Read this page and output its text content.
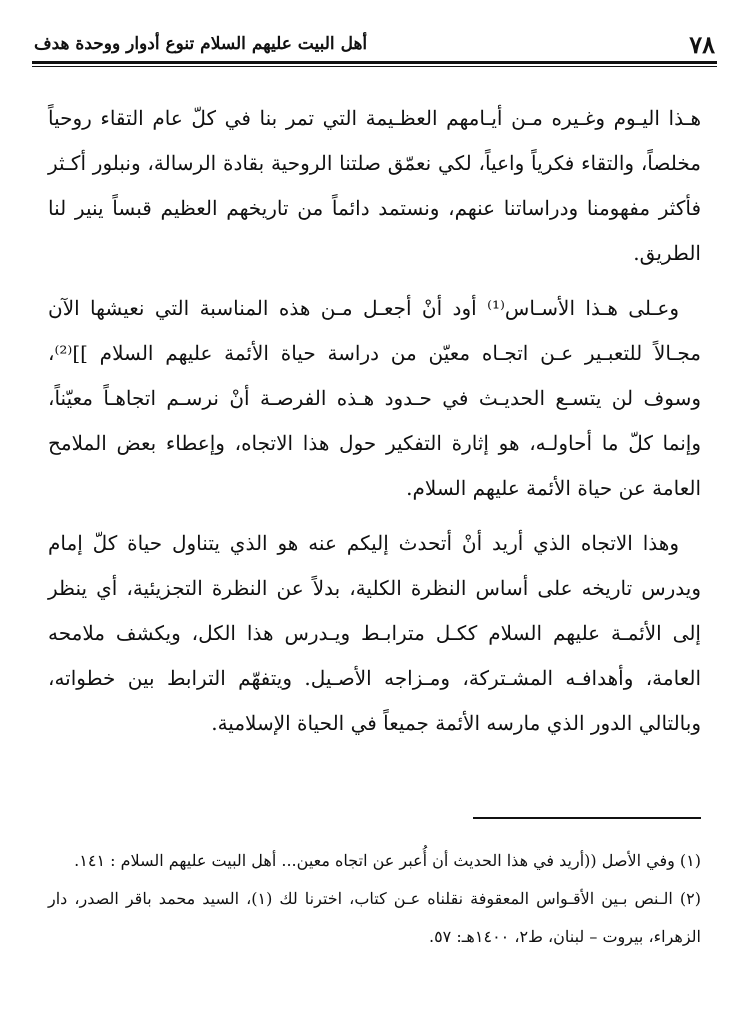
٧٨
أهل البيت عليهم السلام تنوع أدوار ووحدة هدف

هـذا اليـوم وغـيره مـن أيـامهم العظـيمة التي تمر بنا في كلّ عام التقاء روحياً مخلصاً، والتقاء فكرياً واعياً، لكي نعمّق صلتنا الروحية بقادة الرسالة، ونبلور أكـثر فأكثر مفهومنا ودراساتنا عنهم، ونستمد دائماً من تاريخهم العظيم قبساً ينير لنا الطريق.

وعـلى هـذا الأسـاس⁽¹⁾ أود أنْ أجعـل مـن هذه المناسبة التي نعيشها الآن مجـالاً للتعبـير عـن اتجـاه معيّن من دراسة حياة الأئمة عليهم السلام ]]⁽²⁾، وسوف لن يتسـع الحديـث في حـدود هـذه الفرصـة أنْ نرسـم اتجاهـاً معيّناً، وإنما كلّ ما أحاولـه، هو إثارة التفكير حول هذا الاتجاه، وإعطاء بعض الملامح العامة عن حياة الأئمة عليهم السلام.

وهذا الاتجاه الذي أريد أنْ أتحدث إليكم عنه هو الذي يتناول حياة كلّ إمام ويدرس تاريخه على أساس النظرة الكلية، بدلاً عن النظرة التجزيئية، أي ينظر إلى الأئمـة عليهم السلام ككـل مترابـط ويـدرس هذا الكل، ويكشف ملامحه العامة، وأهدافـه المشـتركة، ومـزاجه الأصـيل. ويتفهّم الترابط بين خطواته، وبالتالي الدور الذي مارسه الأئمة جميعاً في الحياة الإسلامية.

(١) وفي الأصل ((أريد في هذا الحديث أن أُعبر عن اتجاه معين... أهل البيت عليهم السلام : ١٤١.

(٢) الـنص بـين الأقـواس المعقوفة نقلناه عـن كتاب، اخترنا لك (١)، السيد محمد باقر الصدر، دار الزهراء، بيروت – لبنان، ط٢، ١٤٠٠هـ: ٥٧.
